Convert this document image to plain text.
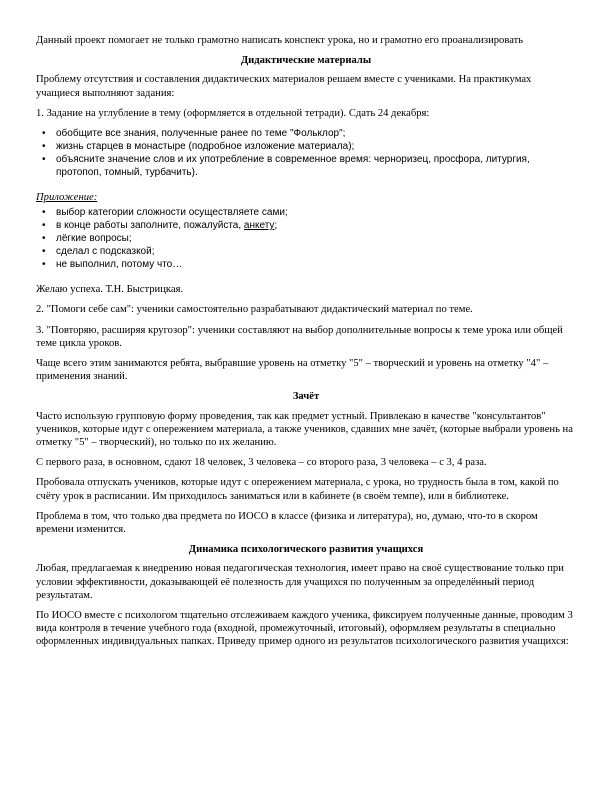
Данный проект помогает не только грамотно написать конспект урока, но и грамотно его проанализировать

Дидактические материалы

Проблему отсутствия и составления дидактических материалов решаем вместе с учениками. На практикумах учащиеся выполняют задания:

1. Задание на углубление в тему (оформляется в отдельной тетради). Сдать 24 декабря:

• обобщите все знания, полученные ранее по теме "Фольклор";
• жизнь старцев в монастыре (подробное изложение материала);
• объясните значение слов и их употребление в современное время: черноризец, просфора, литургия, протопоп, томный, турбачить).

Приложение:

• выбор категории сложности осуществляете сами;
• в конце работы заполните, пожалуйста, анкету;
• лёгкие вопросы;
• сделал с подсказкой;
• не выполнил, потому что…

Желаю успеха. Т.Н. Быстрицкая.

2. "Помоги себе сам": ученики самостоятельно разрабатывают дидактический материал по теме.

3. "Повторяю, расширяя кругозор": ученики составляют на выбор дополнительные вопросы к теме урока или общей теме цикла уроков.

Чаще всего этим занимаются ребята, выбравшие уровень на отметку "5" – творческий и уровень на отметку "4" – применения знаний.

Зачёт

Часто использую групповую форму проведения, так как предмет устный. Привлекаю в качестве "консультантов" учеников, которые идут с опережением материала, а также учеников, сдавших мне зачёт, (которые выбрали уровень на отметку "5" – творческий), но только по их желанию.

С первого раза, в основном, сдают 18 человек, 3 человека – со второго раза, 3 человека – с 3, 4 раза.

Пробовала отпускать учеников, которые идут с опережением материала, с урока, но трудность была в том, какой по счёту урок в расписании. Им приходилось заниматься или в кабинете (в своём темпе), или в библиотеке.

Проблема в том, что только два предмета по ИОСО в классе (физика и литература), но, думаю, что-то в скором времени изменится.

Динамика психологического развития учащихся

Любая, предлагаемая к внедрению новая педагогическая технология, имеет право на своё существование только при условии эффективности, доказывающей её полезность для учащихся по полученным за определённый период результатам.

По ИОСО вместе с психологом тщательно отслеживаем каждого ученика, фиксируем полученные данные, проводим 3 вида контроля в течение учебного года (входной, промежуточный, итоговый), оформляем результаты в специально оформленных индивидуальных папках. Приведу пример одного из результатов психологического развития учащихся:
